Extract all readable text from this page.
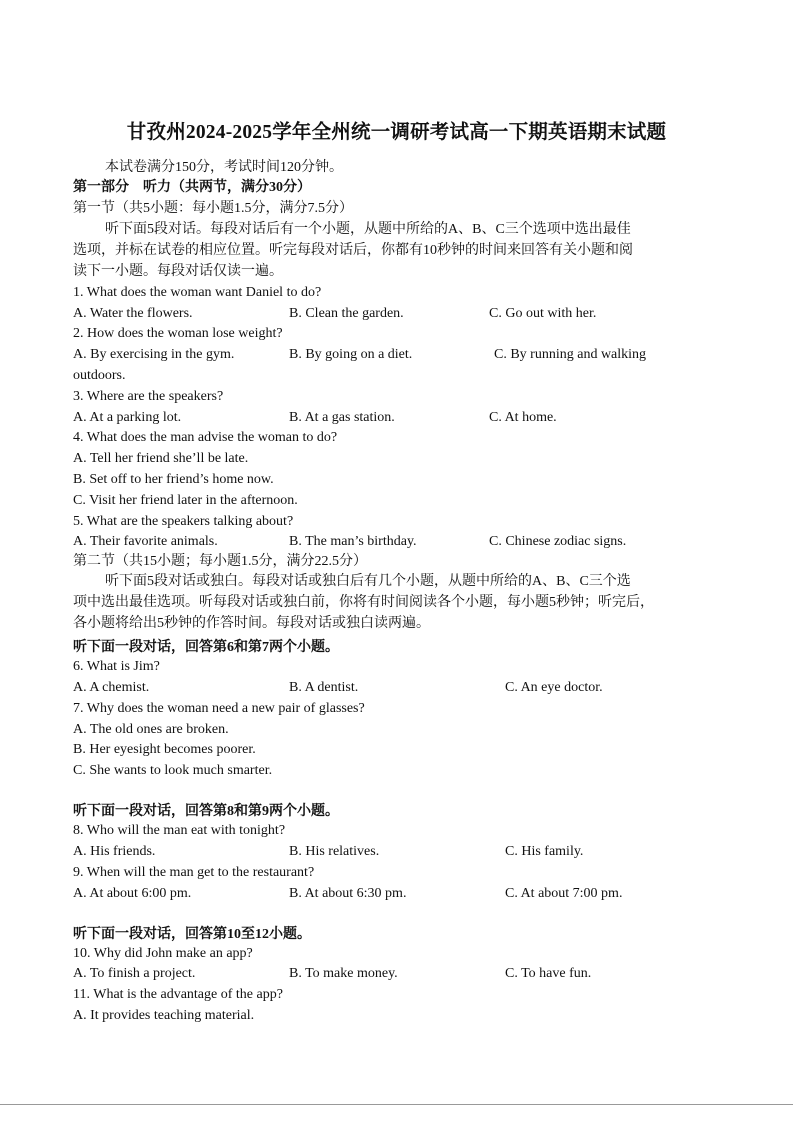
甘孜州2024-2025学年全州统一调研考试高一下期英语期末试题
本试卷满分150分，考试时间120分钟。
第一部分　听力（共两节，满分30分）
第一节（共5小题：每小题1.5分，满分7.5分）
听下面5段对话。每段对话后有一个小题，从题中所给的A、B、C三个选项中选出最佳
选项，并标在试卷的相应位置。听完每段对话后，你都有10秒钟的时间来回答有关小题和阅
读下一小题。每段对话仅读一遍。
1. What does the woman want Daniel to do?
A. Water the flowers.	B. Clean the garden.	C. Go out with her.
2. How does the woman lose weight?
A. By exercising in the gym.	B. By going on a diet.	C. By running and walking
outdoors.
3. Where are the speakers?
A. At a parking lot.	B. At a gas station.	C. At home.
4. What does the man advise the woman to do?
A. Tell her friend she’ll be late.
B. Set off to her friend’s home now.
C. Visit her friend later in the afternoon.
5. What are the speakers talking about?
A. Their favorite animals.	B. The man’s birthday.	C. Chinese zodiac signs.
第二节（共15小题；每小题1.5分，满分22.5分）
听下面5段对话或独白。每段对话或独白后有几个小题，从题中所给的A、B、C三个选
项中选出最佳选项。听每段对话或独白前，你将有时间阅读各个小题，每小题5秒钟；听完后，
各小题将给出5秒钟的作答时间。每段对话或独白读两遍。
听下面一段对话，回答第6和第7两个小题。
6. What is Jim?
A. A chemist.	B. A dentist.	C. An eye doctor.
7. Why does the woman need a new pair of glasses?
A. The old ones are broken.
B. Her eyesight becomes poorer.
C. She wants to look much smarter.
听下面一段对话，回答第8和第9两个小题。
8. Who will the man eat with tonight?
A. His friends.	B. His relatives.	C. His family.
9. When will the man get to the restaurant?
A. At about 6:00 pm.	B. At about 6:30 pm.	C. At about 7:00 pm.
听下面一段对话，回答第10至12小题。
10. Why did John make an app?
A. To finish a project.	B. To make money.	C. To have fun.
11. What is the advantage of the app?
A. It provides teaching material.
